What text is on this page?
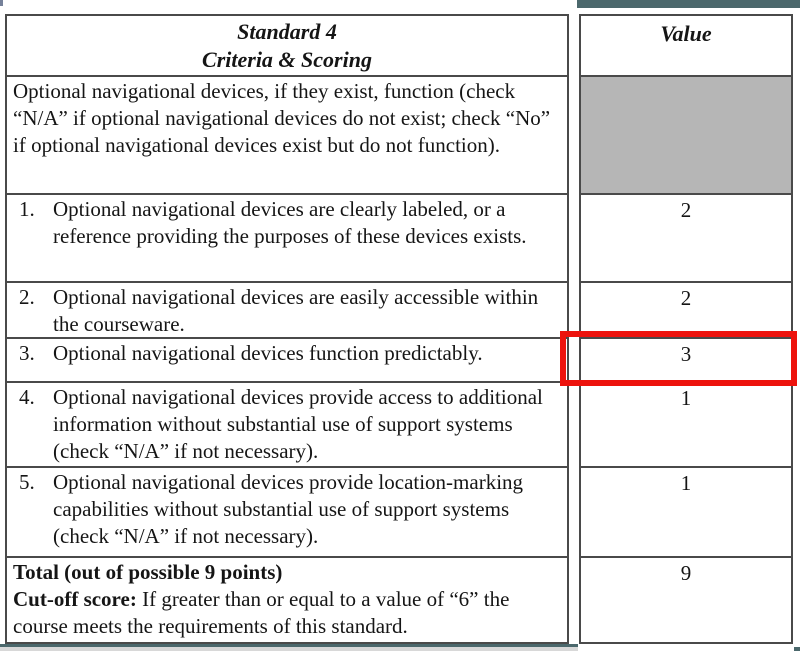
Standard 4
Criteria & Scoring
Optional navigational devices, if they exist, function (check “N/A” if optional navigational devices do not exist; check “No” if optional navigational devices exist but do not function).
1. Optional navigational devices are clearly labeled, or a reference providing the purposes of these devices exists.
2. Optional navigational devices are easily accessible within the courseware.
3. Optional navigational devices function predictably.
4. Optional navigational devices provide access to additional information without substantial use of support systems (check “N/A” if not necessary).
5. Optional navigational devices provide location-marking capabilities without substantial use of support systems (check “N/A” if not necessary).
Total (out of possible 9 points)
Cut-off score: If greater than or equal to a value of “6” the course meets the requirements of this standard.
Value
2
2
3
1
1
9
